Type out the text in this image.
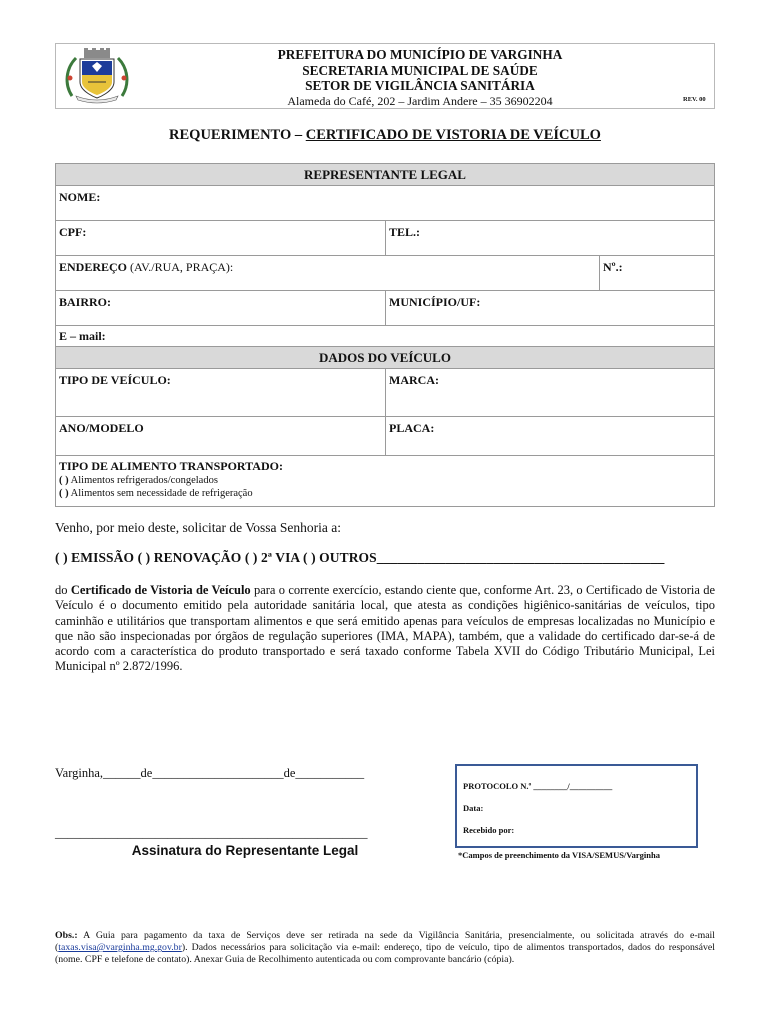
REV. 00
PREFEITURA DO MUNICÍPIO DE VARGINHA
SECRETARIA MUNICIPAL DE SAÚDE
SETOR DE VIGILÂNCIA SANITÁRIA
Alameda do Café, 202 – Jardim Andere – 35 36902204
REQUERIMENTO – CERTIFICADO DE VISTORIA DE VEÍCULO
REPRESENTANTE LEGAL
NOME:
CPF:	TEL.:
ENDEREÇO (AV./RUA, PRAÇA):	Nº.:
BAIRRO:	MUNICÍPIO/UF:
E – mail:
DADOS DO VEÍCULO
TIPO DE VEÍCULO:	MARCA:
ANO/MODELO	PLACA:
TIPO DE ALIMENTO TRANSPORTADO:
( ) Alimentos refrigerados/congelados
( ) Alimentos sem necessidade de refrigeração
Venho, por meio deste, solicitar de Vossa Senhoria a:
( ) EMISSÃO ( ) RENOVAÇÃO ( ) 2ª VIA ( ) OUTROS__________________________________________
do Certificado de Vistoria de Veículo para o corrente exercício, estando ciente que, conforme Art. 23, o Certificado de Vistoria de Veículo é o documento emitido pela autoridade sanitária local, que atesta as condições higiênico-sanitárias de veículos, tipo caminhão e utilitários que transportam alimentos e que será emitido apenas para veículos de empresas localizadas no Município e que não são inspecionadas por órgãos de regulação superiores (IMA, MAPA), também, que a validade do certificado dar-se-á de acordo com a característica do produto transportado e será taxado conforme Tabela XVII do Código Tributário Municipal, Lei Municipal nº 2.872/1996.
Varginha,______de_____________________de___________
__________________________________________________
Assinatura do Representante Legal
PROTOCOLO N.º ________/__________
Data:
Recebido por:
*Campos de preenchimento da VISA/SEMUS/Varginha
Obs.: A Guia para pagamento da taxa de Serviços deve ser retirada na sede da Vigilância Sanitária, presencialmente, ou solicitada através do e-mail (taxas.visa@varginha.mg.gov.br). Dados necessários para solicitação via e-mail: endereço, tipo de veículo, tipo de alimentos transportados, dados do responsável (nome. CPF e telefone de contato). Anexar Guia de Recolhimento autenticada ou com comprovante bancário (cópia).
